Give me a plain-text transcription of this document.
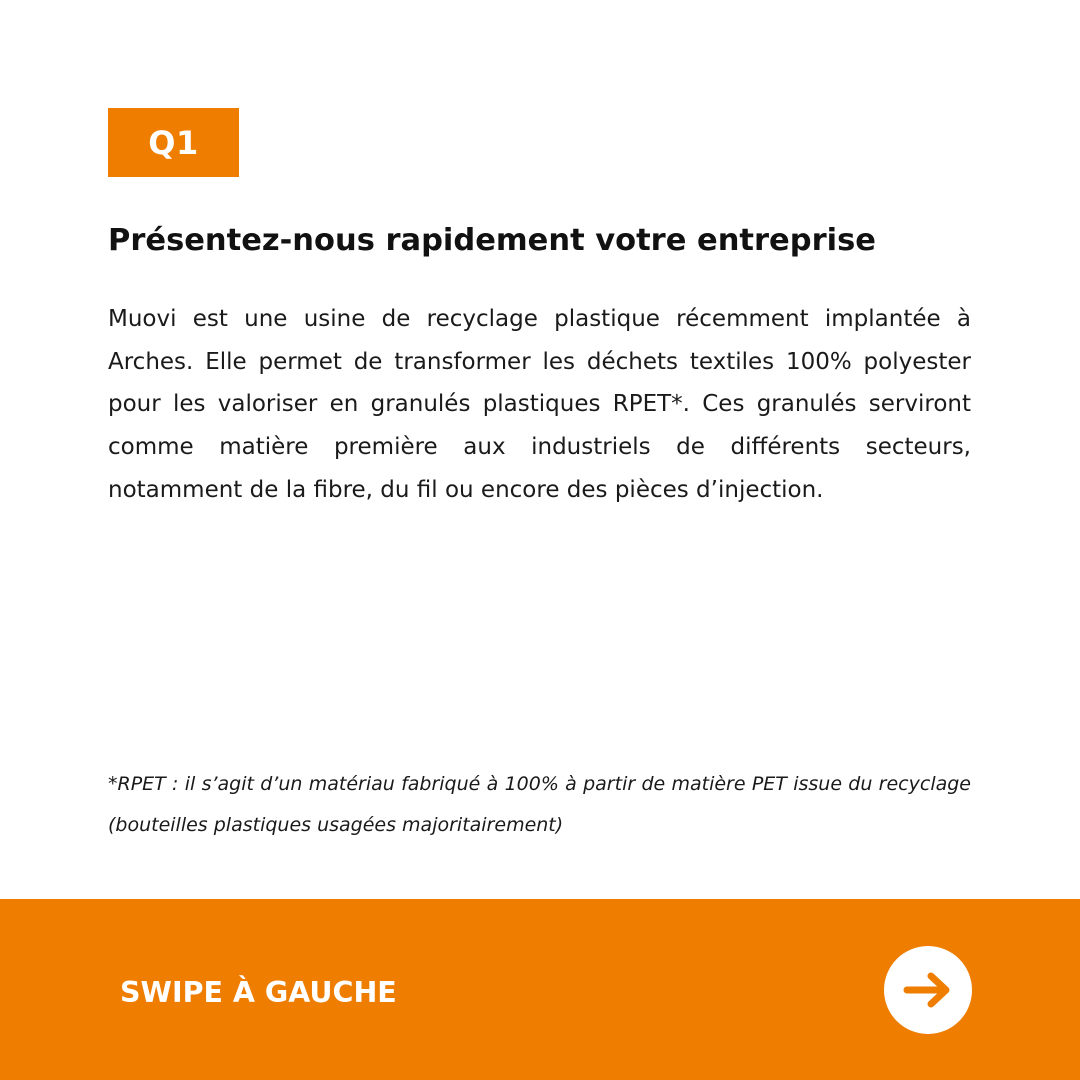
Q1
Présentez-nous rapidement votre entreprise

Muovi est une usine de recyclage plastique récemment implantée à Arches. Elle permet de transformer les déchets textiles 100% polyester pour les valoriser en granulés plastiques RPET*. Ces granulés serviront comme matière première aux industriels de différents secteurs, notamment de la fibre, du fil ou encore des pièces d’injection.

*RPET : il s’agit d’un matériau fabriqué à 100% à partir de matière PET issue du recyclage (bouteilles plastiques usagées majoritairement)

SWIPE À GAUCHE
